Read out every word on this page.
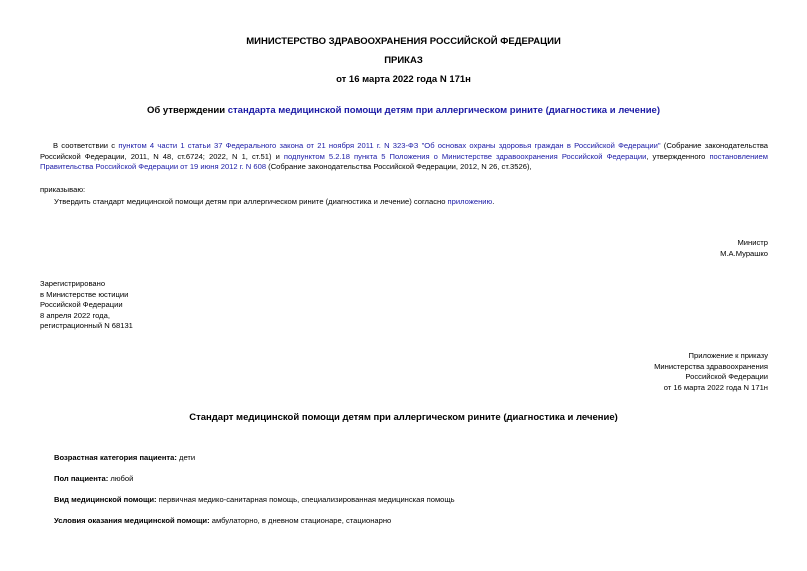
МИНИСТЕРСТВО ЗДРАВООХРАНЕНИЯ РОССИЙСКОЙ ФЕДЕРАЦИИ
ПРИКАЗ
от 16 марта 2022 года N 171н
Об утверждении стандарта медицинской помощи детям при аллергическом рините (диагностика и лечение)
В соответствии с пунктом 4 части 1 статьи 37 Федерального закона от 21 ноября 2011 г. N 323-ФЗ "Об основах охраны здоровья граждан в Российской Федерации" (Собрание законодательства Российской Федерации, 2011, N 48, ст.6724; 2022, N 1, ст.51) и подпунктом 5.2.18 пункта 5 Положения о Министерстве здравоохранения Российской Федерации, утвержденного постановлением Правительства Российской Федерации от 19 июня 2012 г. N 608 (Собрание законодательства Российской Федерации, 2012, N 26, ст.3526),
приказываю:
Утвердить стандарт медицинской помощи детям при аллергическом рините (диагностика и лечение) согласно приложению.
Министр
М.А.Мурашко
Зарегистрировано
в Министерстве юстиции
Российской Федерации
8 апреля 2022 года,
регистрационный N 68131
Приложение к приказу
Министерства здравоохранения
Российской Федерации
от 16 марта 2022 года N 171н
Стандарт медицинской помощи детям при аллергическом рините (диагностика и лечение)
Возрастная категория пациента: дети
Пол пациента: любой
Вид медицинской помощи: первичная медико-санитарная помощь, специализированная медицинская помощь
Условия оказания медицинской помощи: амбулаторно, в дневном стационаре, стационарно
